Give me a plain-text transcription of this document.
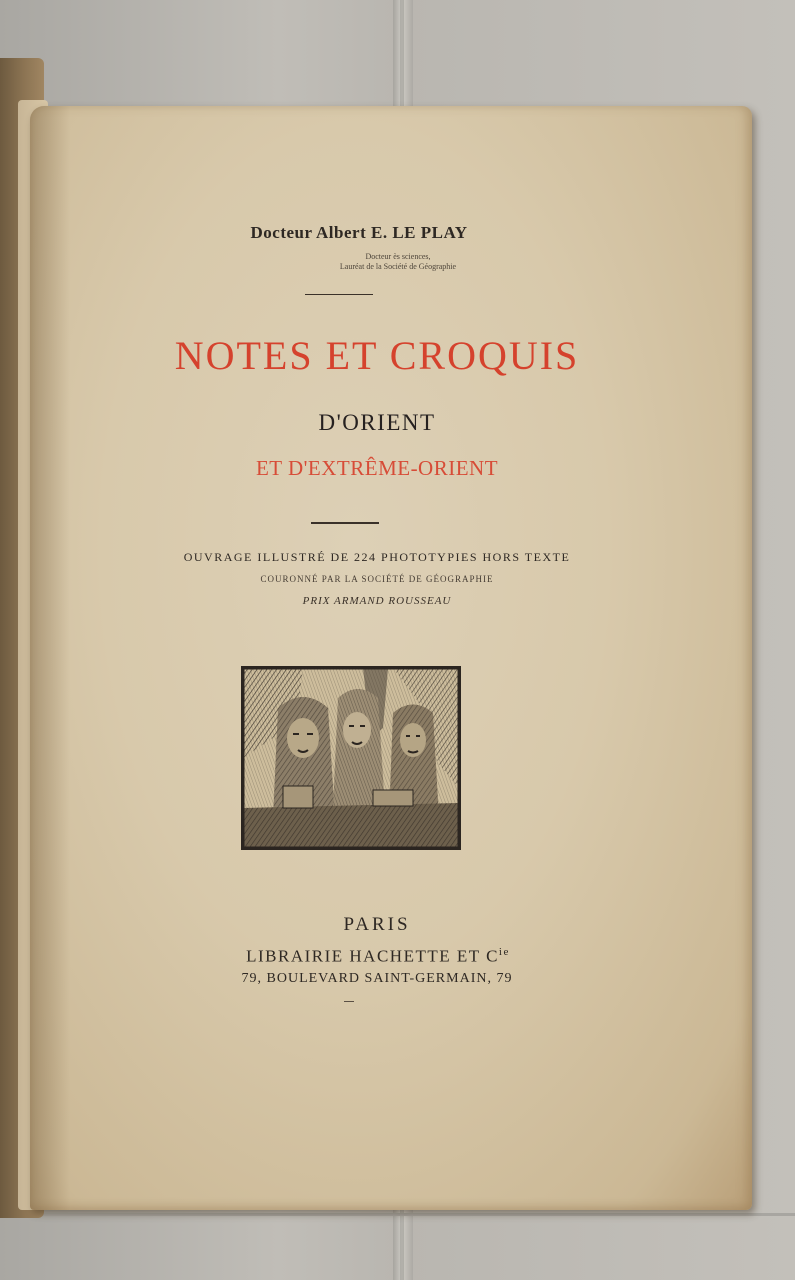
Docteur Albert E. LE PLAY
Docteur ès sciences,
Lauréat de la Société de Géographie
NOTES ET CROQUIS
D'ORIENT
ET D'EXTRÊME-ORIENT
OUVRAGE ILLUSTRÉ DE 224 PHOTOTYPIES HORS TEXTE
COURONNÉ PAR LA SOCIÉTÉ DE GÉOGRAPHIE
PRIX ARMAND ROUSSEAU
PARIS
LIBRAIRIE HACHETTE ET $C^{ie}$
79, BOULEVARD SAINT-GERMAIN, 79
